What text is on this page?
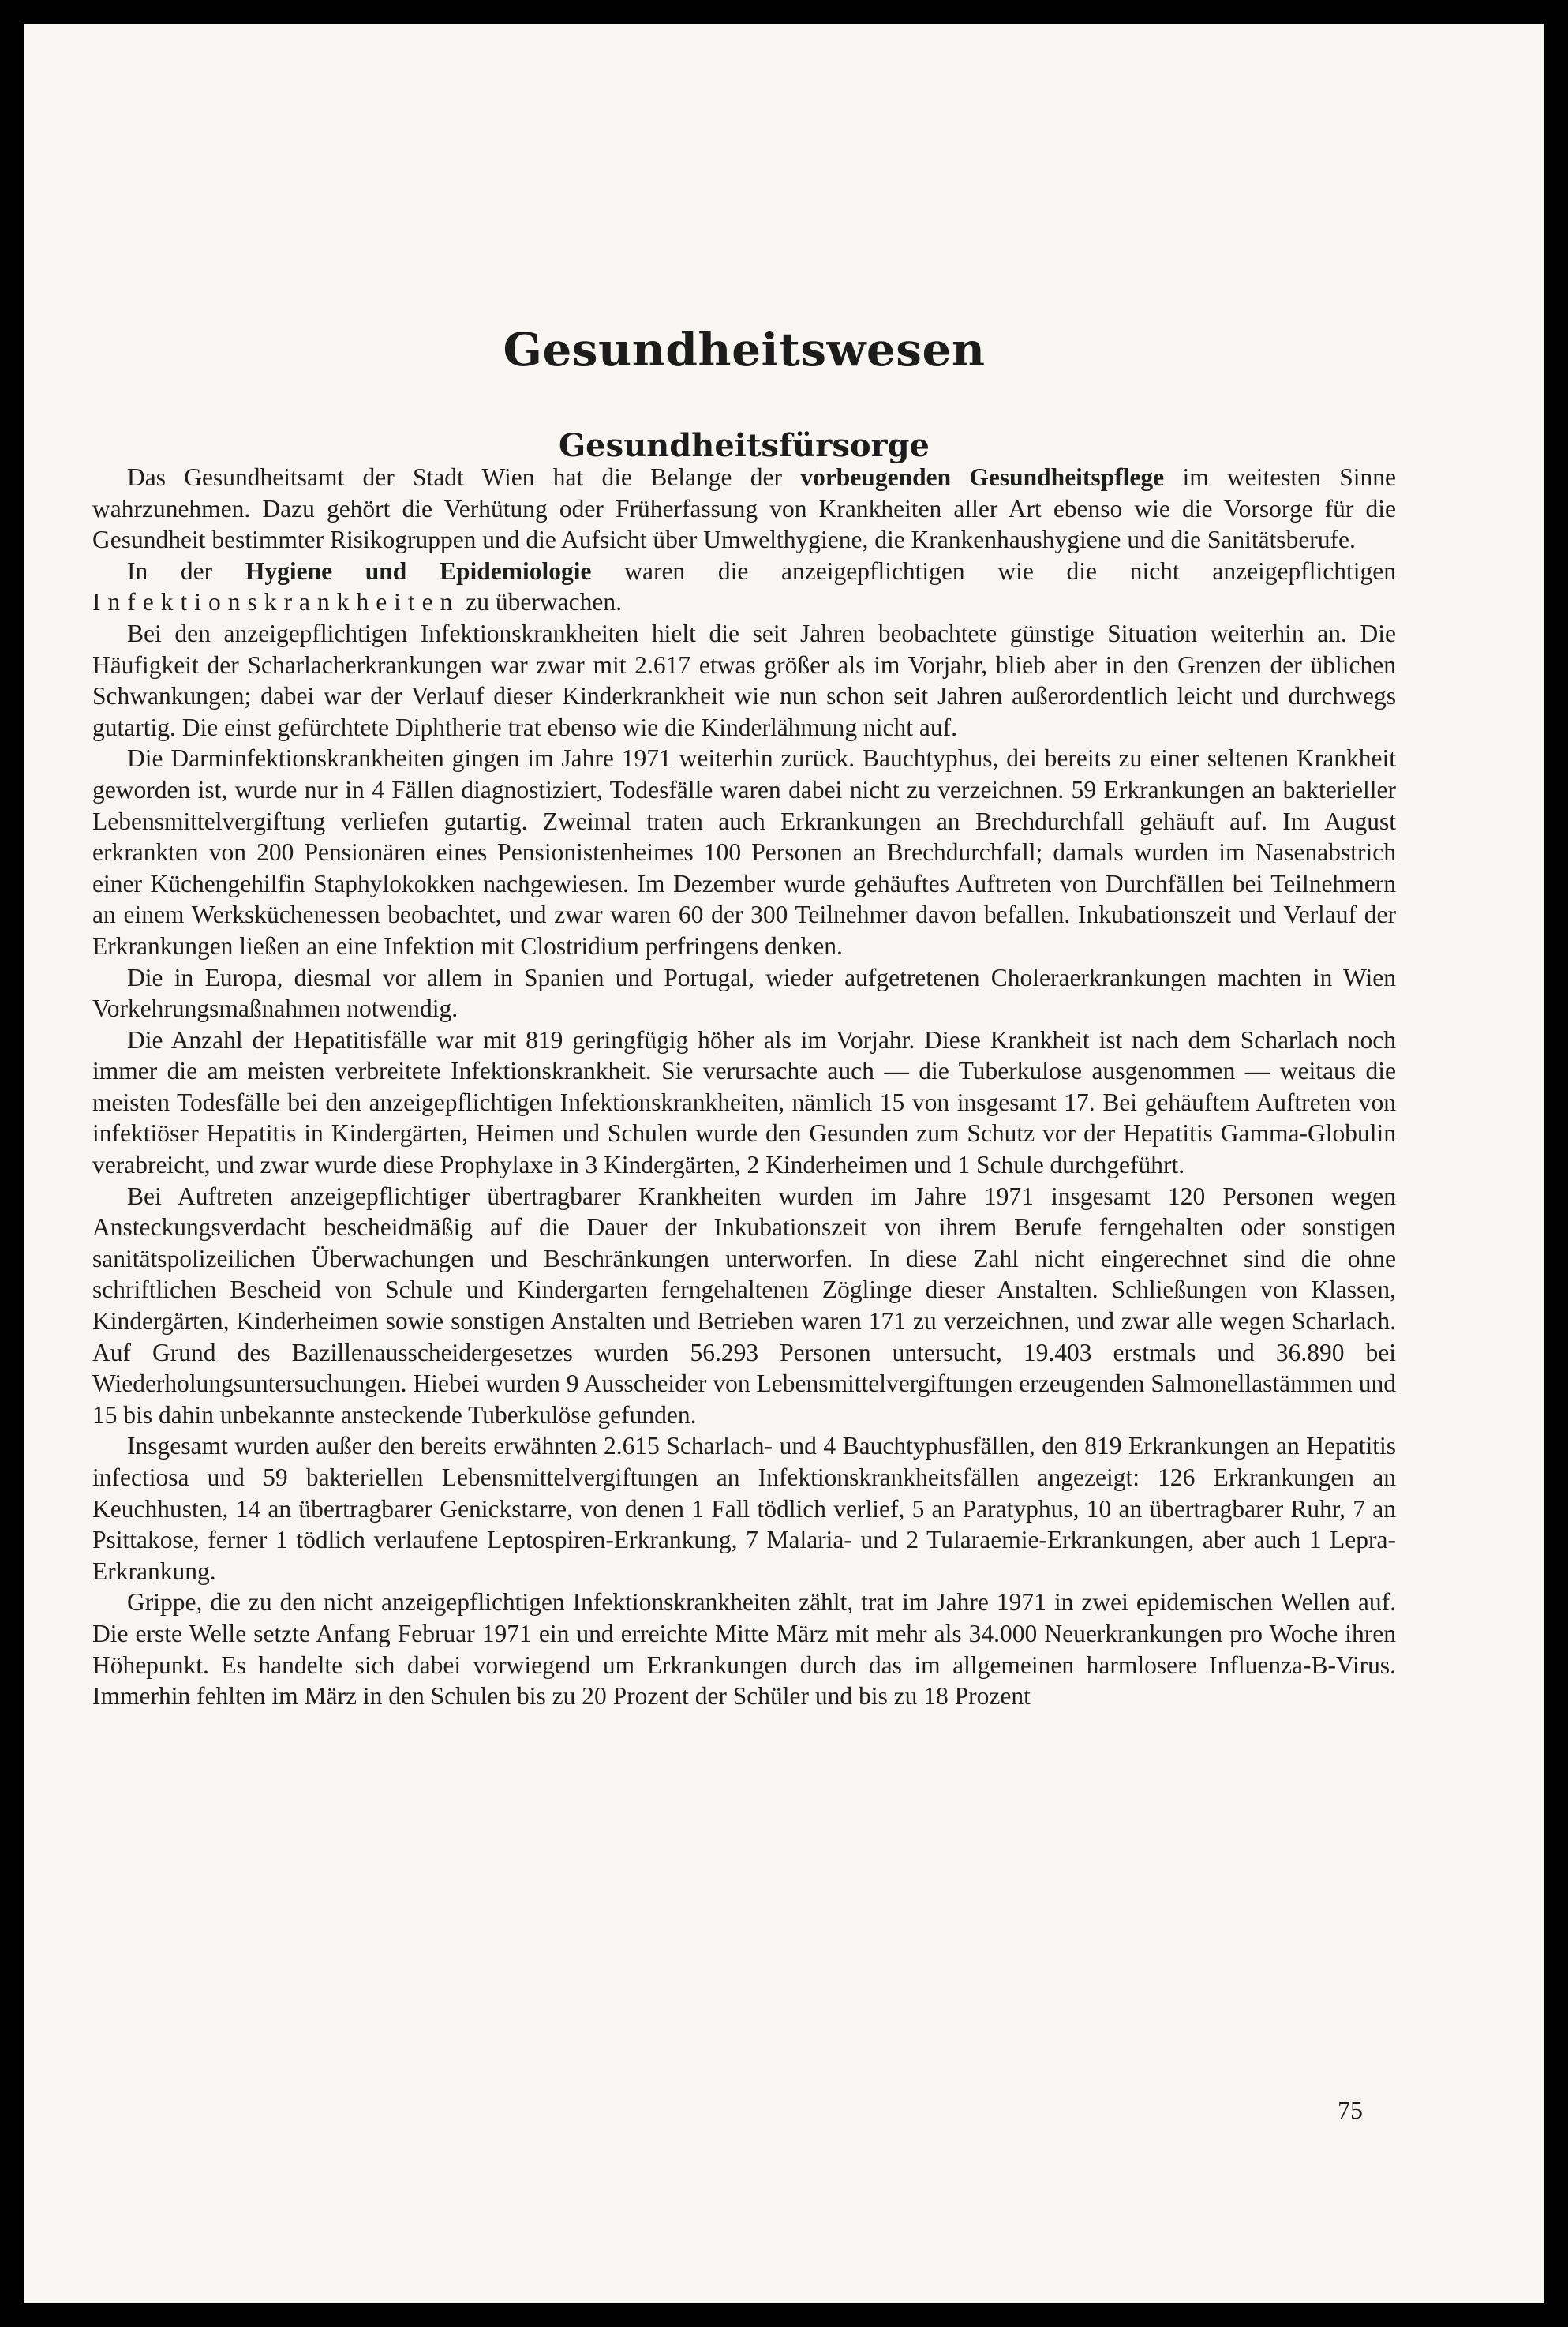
Gesundheitswesen
Gesundheitsfürsorge

Das Gesundheitsamt der Stadt Wien hat die Belange der vorbeugenden Gesundheitspflege im weitesten Sinne wahrzunehmen. Dazu gehört die Verhütung oder Früherfassung von Krankheiten aller Art ebenso wie die Vorsorge für die Gesundheit bestimmter Risikogruppen und die Aufsicht über Umwelthygiene, die Krankenhaushygiene und die Sanitätsberufe.

In der Hygiene und Epidemiologie waren die anzeigepflichtigen wie die nicht anzeigepflichtigen Infektionskrankheiten zu überwachen.

Bei den anzeigepflichtigen Infektionskrankheiten hielt die seit Jahren beobachtete günstige Situation weiterhin an. Die Häufigkeit der Scharlacherkrankungen war zwar mit 2.617 etwas größer als im Vorjahr, blieb aber in den Grenzen der üblichen Schwankungen; dabei war der Verlauf dieser Kinderkrankheit wie nun schon seit Jahren außerordentlich leicht und durchwegs gutartig. Die einst gefürchtete Diphtherie trat ebenso wie die Kinderlähmung nicht auf.

Die Darminfektionskrankheiten gingen im Jahre 1971 weiterhin zurück. Bauchtyphus, dei bereits zu einer seltenen Krankheit geworden ist, wurde nur in 4 Fällen diagnostiziert, Todesfälle waren dabei nicht zu verzeichnen. 59 Erkrankungen an bakterieller Lebensmittelvergiftung verliefen gutartig. Zweimal traten auch Erkrankungen an Brechdurchfall gehäuft auf. Im August erkrankten von 200 Pensionären eines Pensionistenheimes 100 Personen an Brechdurchfall; damals wurden im Nasenabstrich einer Küchengehilfin Staphylokokken nachgewiesen. Im Dezember wurde gehäuftes Auftreten von Durchfällen bei Teilnehmern an einem Werksküchenessen beobachtet, und zwar waren 60 der 300 Teilnehmer davon befallen. Inkubationszeit und Verlauf der Erkrankungen ließen an eine Infektion mit Clostridium perfringens denken.

Die in Europa, diesmal vor allem in Spanien und Portugal, wieder aufgetretenen Choleraerkrankungen machten in Wien Vorkehrungsmaßnahmen notwendig.

Die Anzahl der Hepatitisfälle war mit 819 geringfügig höher als im Vorjahr. Diese Krankheit ist nach dem Scharlach noch immer die am meisten verbreitete Infektionskrankheit. Sie verursachte auch — die Tuberkulose ausgenommen — weitaus die meisten Todesfälle bei den anzeigepflichtigen Infektionskrankheiten, nämlich 15 von insgesamt 17. Bei gehäuftem Auftreten von infektiöser Hepatitis in Kindergärten, Heimen und Schulen wurde den Gesunden zum Schutz vor der Hepatitis Gamma-Globulin verabreicht, und zwar wurde diese Prophylaxe in 3 Kindergärten, 2 Kinderheimen und 1 Schule durchgeführt.

Bei Auftreten anzeigepflichtiger übertragbarer Krankheiten wurden im Jahre 1971 insgesamt 120 Personen wegen Ansteckungsverdacht bescheidmäßig auf die Dauer der Inkubationszeit von ihrem Berufe ferngehalten oder sonstigen sanitätspolizeilichen Überwachungen und Beschränkungen unterworfen. In diese Zahl nicht eingerechnet sind die ohne schriftlichen Bescheid von Schule und Kindergarten ferngehaltenen Zöglinge dieser Anstalten. Schließungen von Klassen, Kindergärten, Kinderheimen sowie sonstigen Anstalten und Betrieben waren 171 zu verzeichnen, und zwar alle wegen Scharlach. Auf Grund des Bazillenausscheidergesetzes wurden 56.293 Personen untersucht, 19.403 erstmals und 36.890 bei Wiederholungsuntersuchungen. Hiebei wurden 9 Ausscheider von Lebensmittelvergiftungen erzeugenden Salmonellastämmen und 15 bis dahin unbekannte ansteckende Tuberkulöse gefunden.

Insgesamt wurden außer den bereits erwähnten 2.615 Scharlach- und 4 Bauchtyphusfällen, den 819 Erkrankungen an Hepatitis infectiosa und 59 bakteriellen Lebensmittelvergiftungen an Infektionskrankheitsfällen angezeigt: 126 Erkrankungen an Keuchhusten, 14 an übertragbarer Genickstarre, von denen 1 Fall tödlich verlief, 5 an Paratyphus, 10 an übertragbarer Ruhr, 7 an Psittakose, ferner 1 tödlich verlaufene Leptospiren-Erkrankung, 7 Malaria- und 2 Tularaemie-Erkrankungen, aber auch 1 Lepra-Erkrankung.

Grippe, die zu den nicht anzeigepflichtigen Infektionskrankheiten zählt, trat im Jahre 1971 in zwei epidemischen Wellen auf. Die erste Welle setzte Anfang Februar 1971 ein und erreichte Mitte März mit mehr als 34.000 Neuerkrankungen pro Woche ihren Höhepunkt. Es handelte sich dabei vorwiegend um Erkrankungen durch das im allgemeinen harmlosere Influenza-B-Virus. Immerhin fehlten im März in den Schulen bis zu 20 Prozent der Schüler und bis zu 18 Prozent

75
